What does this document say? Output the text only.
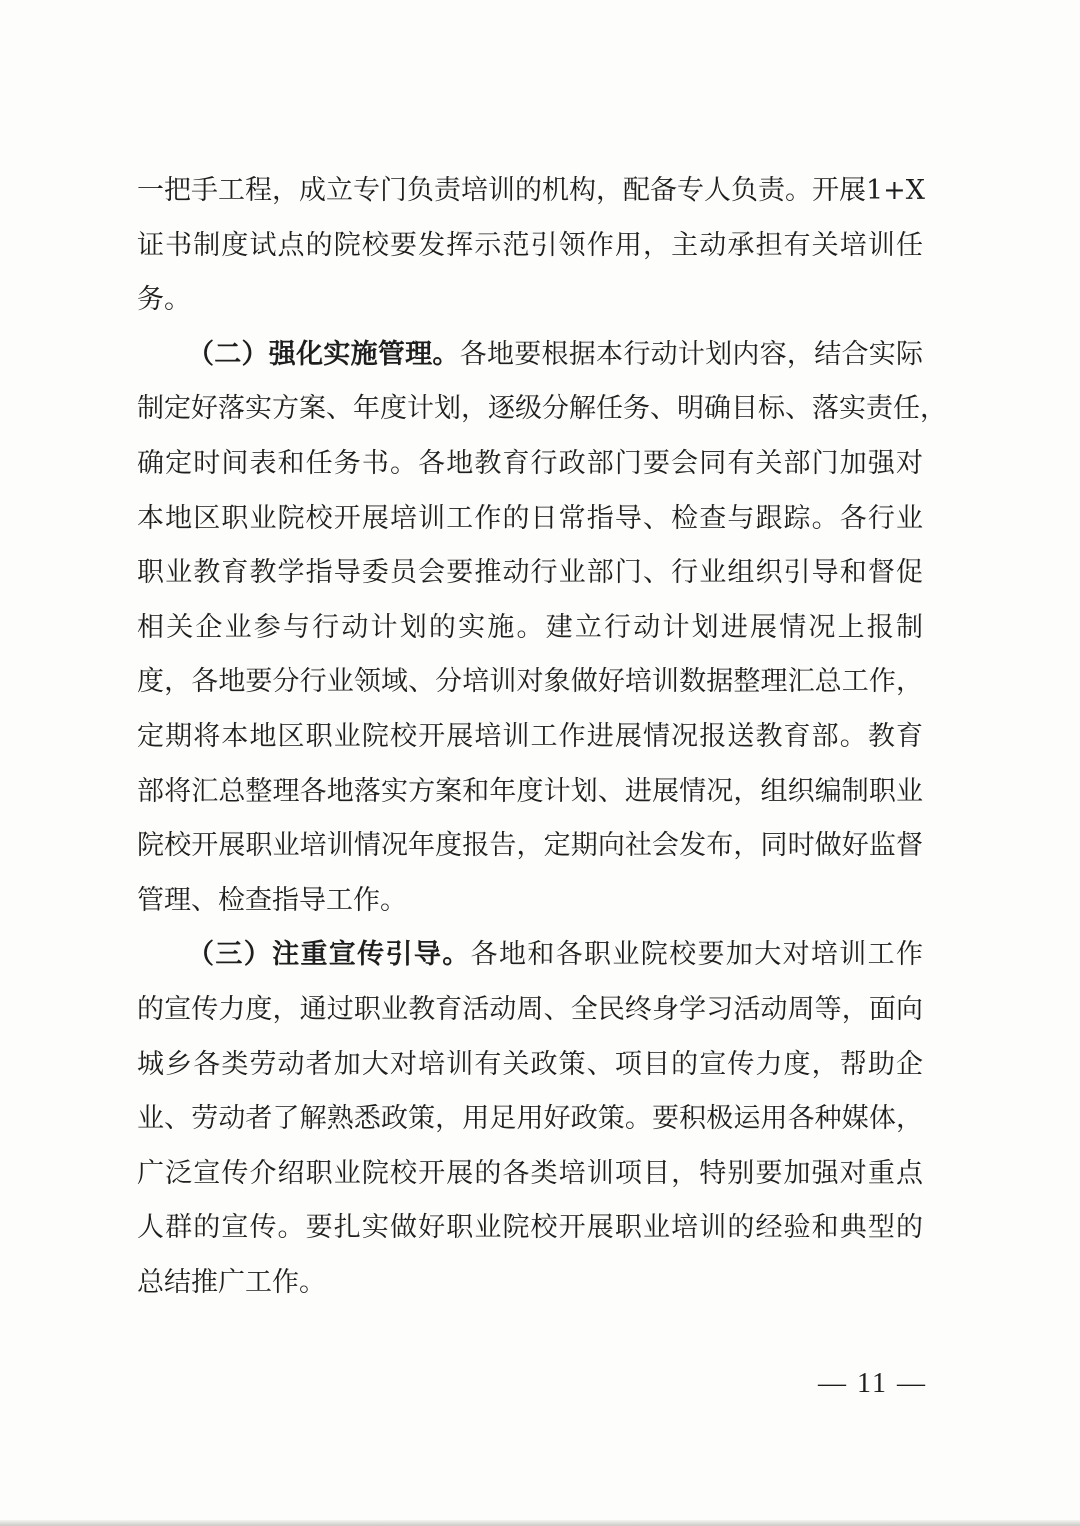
一把手工程，成立专门负责培训的机构，配备专人负责。开展1+X
证书制度试点的院校要发挥示范引领作用，主动承担有关培训任
务。
（二）强化实施管理。各地要根据本行动计划内容，结合实际
制定好落实方案、年度计划，逐级分解任务、明确目标、落实责任，
确定时间表和任务书。各地教育行政部门要会同有关部门加强对
本地区职业院校开展培训工作的日常指导、检查与跟踪。各行业
职业教育教学指导委员会要推动行业部门、行业组织引导和督促
相关企业参与行动计划的实施。建立行动计划进展情况上报制
度，各地要分行业领域、分培训对象做好培训数据整理汇总工作，
定期将本地区职业院校开展培训工作进展情况报送教育部。教育
部将汇总整理各地落实方案和年度计划、进展情况，组织编制职业
院校开展职业培训情况年度报告，定期向社会发布，同时做好监督
管理、检查指导工作。
（三）注重宣传引导。各地和各职业院校要加大对培训工作
的宣传力度，通过职业教育活动周、全民终身学习活动周等，面向
城乡各类劳动者加大对培训有关政策、项目的宣传力度，帮助企
业、劳动者了解熟悉政策，用足用好政策。要积极运用各种媒体，
广泛宣传介绍职业院校开展的各类培训项目，特别要加强对重点
人群的宣传。要扎实做好职业院校开展职业培训的经验和典型的
总结推广工作。
— 11 —
